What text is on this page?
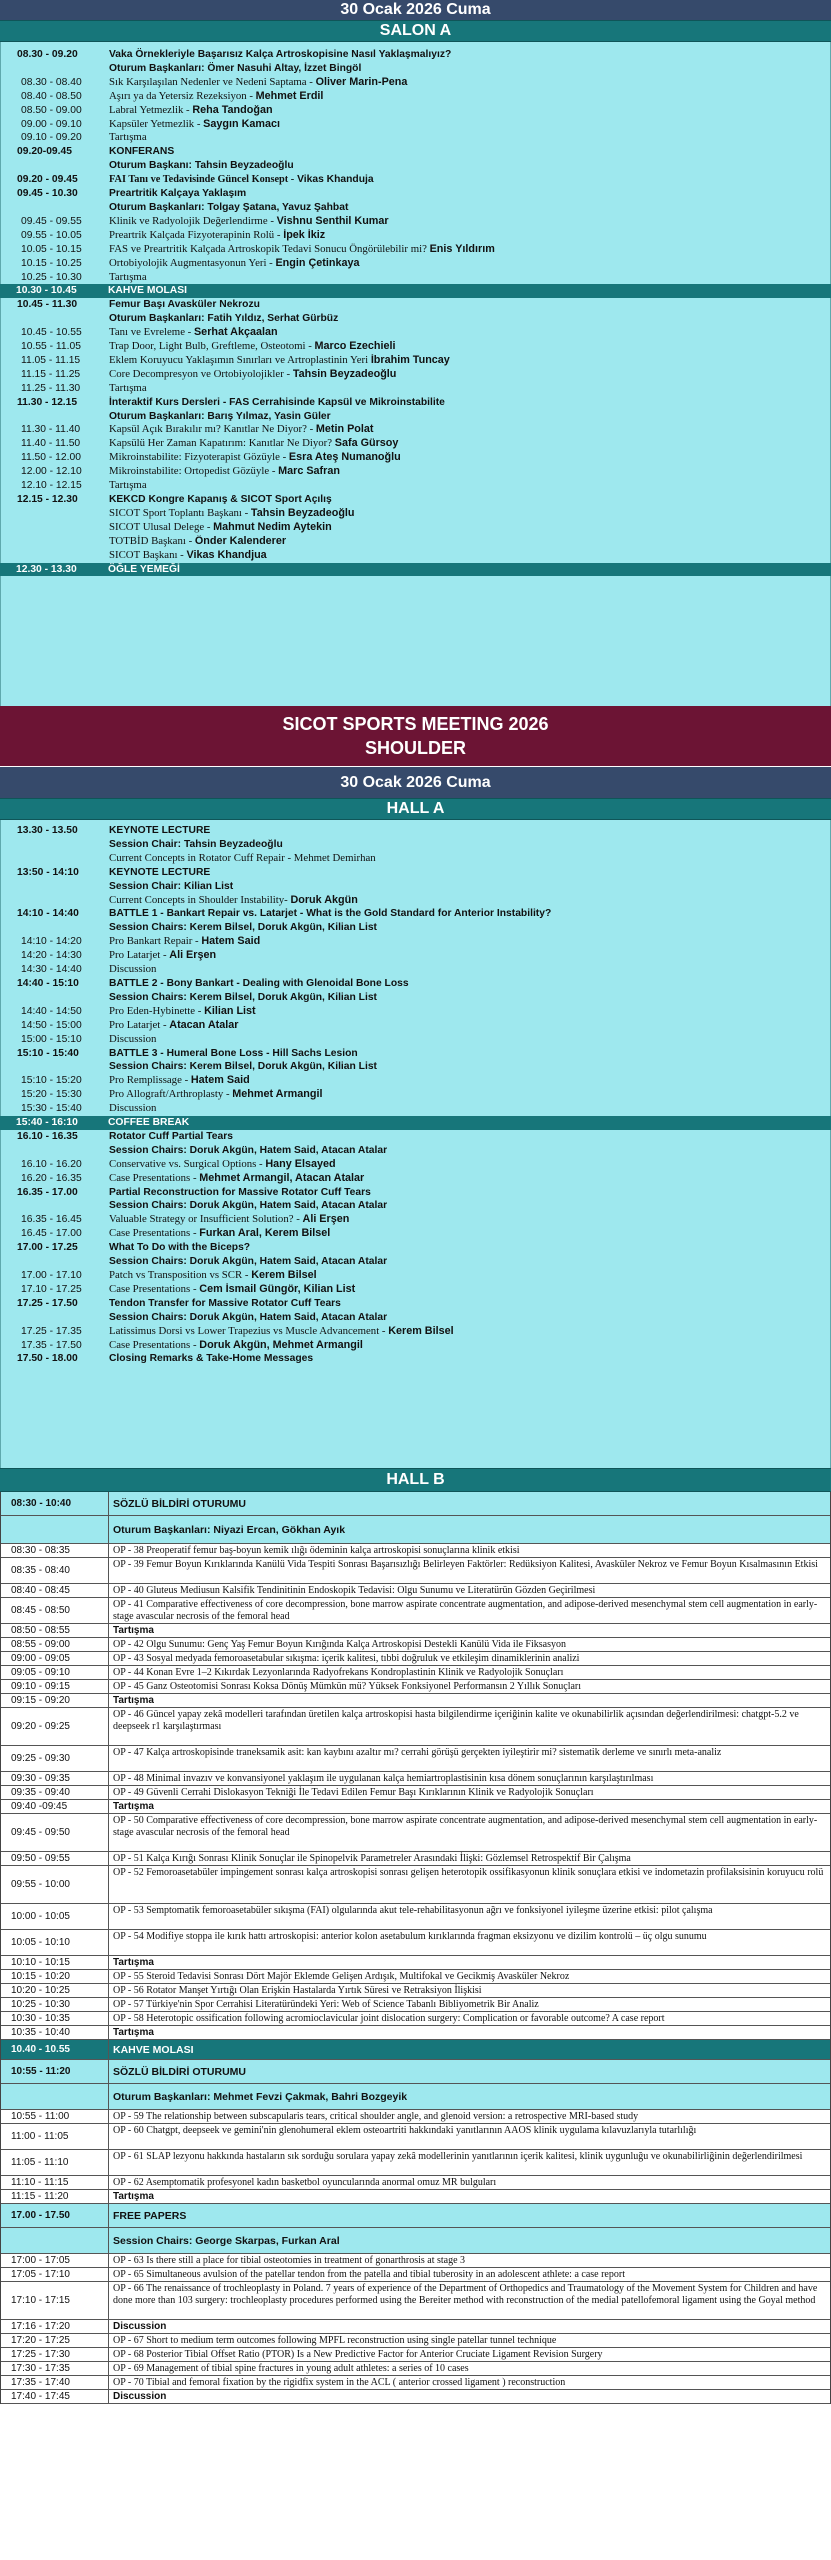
30 Ocak 2026 Cuma
SALON A
08.30 - 09.20	Vaka Örnekleriyle Başarısız Kalça Artroskopisine Nasıl Yaklaşmalıyız?
Oturum Başkanları: Ömer Nasuhi Altay, İzzet Bingöl
08.30 - 08.40	Sık Karşılaşılan Nedenler ve Nedeni Saptama - Oliver Marin-Pena
08.40 - 08.50	Aşırı ya da Yetersiz Rezeksiyon - Mehmet Erdil
08.50 - 09.00	Labral Yetmezlik - Reha Tandoğan
09.00 - 09.10	Kapsüler Yetmezlik - Saygın Kamacı
09.10 - 09.20	Tartışma
09.20-09.45	KONFERANS
Oturum Başkanı: Tahsin Beyzadeoğlu
09.20 - 09.45	FAI Tanı ve Tedavisinde Güncel Konsept - Vikas Khanduja
09.45 - 10.30	Preartritik Kalçaya Yaklaşım
Oturum Başkanları: Tolgay Şatana, Yavuz Şahbat
09.45 - 09.55	Klinik ve Radyolojik Değerlendirme - Vishnu Senthil Kumar
09.55 - 10.05	Preartrik Kalçada Fizyoterapinin Rolü - İpek İkiz
10.05 - 10.15	FAS ve Preartritik Kalçada Artroskopik Tedavi Sonucu Öngörülebilir mi? Enis Yıldırım
10.15 - 10.25	Ortobiyolojik Augmentasyonun Yeri - Engin Çetinkaya
10.25 - 10.30	Tartışma
10.30 - 10.45	KAHVE MOLASI
10.45 - 11.30	Femur Başı Avasküler Nekrozu
Oturum Başkanları: Fatih Yıldız, Serhat Gürbüz
10.45 - 10.55	Tanı ve Evreleme - Serhat Akçaalan
10.55 - 11.05	Trap Door, Light Bulb, Greftleme, Osteotomi - Marco Ezechieli
11.05 - 11.15	Eklem Koruyucu Yaklaşımın Sınırları ve Artroplastinin Yeri İbrahim Tuncay
11.15 - 11.25	Core Decompresyon ve Ortobiyolojikler - Tahsin Beyzadeoğlu
11.25 - 11.30	Tartışma
11.30 - 12.15	İnteraktif Kurs Dersleri - FAS Cerrahisinde Kapsül ve Mikroinstabilite
Oturum Başkanları: Barış Yılmaz, Yasin Güler
11.30 - 11.40	Kapsül Açık Bırakılır mı? Kanıtlar Ne Diyor? - Metin Polat
11.40 - 11.50	Kapsülü Her Zaman Kapatırım: Kanıtlar Ne Diyor? Safa Gürsoy
11.50 - 12.00	Mikroinstabilite: Fizyoterapist Gözüyle - Esra Ateş Numanoğlu
12.00 - 12.10	Mikroinstabilite: Ortopedist Gözüyle - Marc Safran
12.10 - 12.15	Tartışma
12.15 - 12.30	KEKCD Kongre Kapanış & SICOT Sport Açılış
SICOT Sport Toplantı Başkanı - Tahsin Beyzadeoğlu
SICOT Ulusal Delege - Mahmut Nedim Aytekin
TOTBİD Başkanı - Önder Kalenderer
SICOT Başkanı - Vikas Khandjua
12.30 - 13.30	ÖĞLE YEMEĞİ
SICOT SPORTS MEETING 2026
SHOULDER
30 Ocak 2026 Cuma
HALL A
13.30 - 13.50	KEYNOTE LECTURE
Session Chair: Tahsin Beyzadeoğlu
Current Concepts in Rotator Cuff Repair - Mehmet Demirhan
13:50 - 14:10	KEYNOTE LECTURE
Session Chair: Kilian List
Current Concepts in Shoulder Instability- Doruk Akgün
14:10 - 14:40	BATTLE 1 - Bankart Repair vs. Latarjet - What is the Gold Standard for Anterior Instability?
Session Chairs: Kerem Bilsel, Doruk Akgün, Kilian List
14:10 - 14:20	Pro Bankart Repair - Hatem Said
14:20 - 14:30	Pro Latarjet - Ali Erşen
14:30 - 14:40	Discussion
14:40 - 15:10	BATTLE 2 - Bony Bankart - Dealing with Glenoidal Bone Loss
Session Chairs: Kerem Bilsel, Doruk Akgün, Kilian List
14:40 - 14:50	Pro Eden-Hybinette - Kilian List
14:50 - 15:00	Pro Latarjet - Atacan Atalar
15:00 - 15:10	Discussion
15:10 - 15:40	BATTLE 3 - Humeral Bone Loss - Hill Sachs Lesion
Session Chairs: Kerem Bilsel, Doruk Akgün, Kilian List
15:10 - 15:20	Pro Remplissage - Hatem Said
15:20 - 15:30	Pro Allograft/Arthroplasty - Mehmet Armangil
15:30 - 15:40	Discussion
15:40 - 16:10	COFFEE BREAK
16.10 - 16.35	Rotator Cuff Partial Tears
Session Chairs: Doruk Akgün, Hatem Said, Atacan Atalar
16.10 - 16.20	Conservative vs. Surgical Options - Hany Elsayed
16.20 - 16.35	Case Presentations - Mehmet Armangil, Atacan Atalar
16.35 - 17.00	Partial Reconstruction for Massive Rotator Cuff Tears
Session Chairs: Doruk Akgün, Hatem Said, Atacan Atalar
16.35 - 16.45	Valuable Strategy or Insufficient Solution? - Ali Erşen
16.45 - 17.00	Case Presentations - Furkan Aral, Kerem Bilsel
17.00 - 17.25	What To Do with the Biceps?
Session Chairs: Doruk Akgün, Hatem Said, Atacan Atalar
17.00 - 17.10	Patch vs Transposition vs SCR - Kerem Bilsel
17.10 - 17.25	Case Presentations - Cem İsmail Güngör, Kilian List
17.25 - 17.50	Tendon Transfer for Massive Rotator Cuff Tears
Session Chairs: Doruk Akgün, Hatem Said, Atacan Atalar
17.25 - 17.35	Latissimus Dorsi vs Lower Trapezius vs Muscle Advancement - Kerem Bilsel
17.35 - 17.50	Case Presentations - Doruk Akgün, Mehmet Armangil
17.50 - 18.00	Closing Remarks & Take-Home Messages
HALL B
08:30 - 10:40	SÖZLÜ BİLDİRİ OTURUMU
Oturum Başkanları: Niyazi Ercan, Gökhan Ayık
08:30 - 08:35	OP - 38 Preoperatif femur baş-boyun kemik ılığı ödeminin kalça artroskopisi sonuçlarına klinik etkisi
08:35 - 08:40
OP - 39 Femur Boyun Kırıklarında Kanülü Vida Tespiti Sonrası Başarısızlığı Belirleyen Faktörler: Redüksiyon Kalitesi, Avasküler Nekroz ve Femur Boyun Kısalmasının Etkisi
08:40 - 08:45	OP - 40 Gluteus Mediusun Kalsifik Tendinitinin Endoskopik Tedavisi: Olgu Sunumu ve Literatürün Gözden Geçirilmesi
08:45 - 08:50
OP - 41 Comparative effectiveness of core decompression, bone marrow aspirate concentrate augmentation, and adipose-derived mesenchymal stem cell augmentation in early-stage avascular necrosis of the femoral head
08:50 - 08:55	Tartışma
08:55 - 09:00	OP - 42 Olgu Sunumu: Genç Yaş Femur Boyun Kırığında Kalça Artroskopisi Destekli Kanülü Vida ile Fiksasyon
09:00 - 09:05	OP - 43 Sosyal medyada femoroasetabular sıkışma: içerik kalitesi, tıbbi doğruluk ve etkileşim dinamiklerinin analizi
09:05 - 09:10	OP - 44 Konan Evre 1–2 Kıkırdak Lezyonlarında Radyofrekans Kondroplastinin Klinik ve Radyolojik Sonuçları
09:10 - 09:15	OP - 45 Ganz Osteotomisi Sonrası Koksa Dönüş Mümkün mü? Yüksek Fonksiyonel Performansın 2 Yıllık Sonuçları
09:15 - 09:20	Tartışma
09:20 - 09:25
OP - 46 Güncel yapay zekâ modelleri tarafından üretilen kalça artroskopisi hasta bilgilendirme içeriğinin kalite ve okunabilirlik açısından değerlendirilmesi: chatgpt-5.2 ve deepseek r1 karşılaştırması
09:25 - 09:30
OP - 47 Kalça artroskopisinde traneksamik asit: kan kaybını azaltır mı? cerrahi görüşü gerçekten iyileştirir mi? sistematik derleme ve sınırlı meta-analiz
09:30 - 09:35	OP - 48 Minimal invazıv ve konvansiyonel yaklaşım ile uygulanan kalça hemiartroplastisinin kısa dönem sonuçlarının karşılaştırılması
09:35 - 09:40	OP - 49 Güvenli Cerrahi Dislokasyon Tekniği İle Tedavi Edilen Femur Başı Kırıklarının Klinik ve Radyolojik Sonuçları
09:40 -09:45	Tartışma
09:45 - 09:50
OP - 50 Comparative effectiveness of core decompression, bone marrow aspirate concentrate augmentation, and adipose-derived mesenchymal stem cell augmentation in early-stage avascular necrosis of the femoral head
09:50 - 09:55	OP - 51 Kalça Kırığı Sonrası Klinik Sonuçlar ile Spinopelvik Parametreler Arasındaki İlişki: Gözlemsel Retrospektif Bir Çalışma
09:55 - 10:00
OP - 52 Femoroasetabüler impingement sonrası kalça artroskopisi sonrası gelişen heterotopik ossifikasyonun klinik sonuçlara etkisi ve indometazin profilaksisinin koruyucu rolü
10:00 - 10:05
OP - 53 Semptomatik femoroasetabüler sıkışma (FAI) olgularında akut tele-rehabilitasyonun ağrı ve fonksiyonel iyileşme üzerine etkisi: pilot çalışma
10:05 - 10:10
OP - 54 Modifiye stoppa ile kırık hattı artroskopisi: anterior kolon asetabulum kırıklarında fragman eksizyonu ve dizilim kontrolü – üç olgu sunumu
10:10 - 10:15	Tartışma
10:15 - 10:20	OP - 55 Steroid Tedavisi Sonrası Dört Majör Eklemde Gelişen Ardışık, Multifokal ve Gecikmiş Avasküler Nekroz
10:20 - 10:25	OP - 56 Rotator Manşet Yırtığı Olan Erişkin Hastalarda Yırtık Süresi ve Retraksiyon İlişkisi
10:25 - 10:30	OP - 57 Türkiye'nin Spor Cerrahisi Literatüründeki Yeri: Web of Science Tabanlı Bibliyometrik Bir Analiz
10:30 - 10:35	OP - 58 Heterotopic ossification following acromioclavicular joint dislocation surgery: Complication or favorable outcome? A case report
10:35 - 10:40	Tartışma
10.40 - 10.55	KAHVE MOLASI
10:55 - 11:20	SÖZLÜ BİLDİRİ OTURUMU
Oturum Başkanları: Mehmet Fevzi Çakmak, Bahri Bozgeyik
10:55 - 11:00	OP - 59 The relationship between subscapularis tears, critical shoulder angle, and glenoid version: a retrospective MRI-based study
11:00 - 11:05
OP - 60 Chatgpt, deepseek ve gemini'nin glenohumeral eklem osteoartriti hakkındaki yanıtlarının AAOS klinik uygulama kılavuzlarıyla tutarlılığı
11:05 - 11:10
OP - 61 SLAP lezyonu hakkında hastaların sık sorduğu sorulara yapay zekâ modellerinin yanıtlarının içerik kalitesi, klinik uygunluğu ve okunabilirliğinin değerlendirilmesi
11:10 - 11:15	OP - 62 Asemptomatik profesyonel kadın basketbol oyuncularında anormal omuz MR bulguları
11:15 - 11:20	Tartışma
17.00 - 17.50	FREE PAPERS
Session Chairs: George Skarpas, Furkan Aral
17:00 - 17:05	OP - 63 Is there still a place for tibial osteotomies in treatment of gonarthrosis at stage 3
17:05 - 17:10	OP - 65 Simultaneous avulsion of the patellar tendon from the patella and tibial tuberosity in an adolescent athlete: a case report
17:10 - 17:15
OP - 66 The renaissance of trochleoplasty in Poland. 7 years of experience of the Department of Orthopedics and Traumatology of the Movement System for Children and have done more than 103 surgery: trochleoplasty procedures performed using the Bereiter method with reconstruction of the medial patellofemoral ligament using the Goyal method
17:16 - 17:20	Discussion
17:20 - 17:25	OP - 67 Short to medium term outcomes following MPFL reconstruction using single patellar tunnel technique
17:25 - 17:30	OP - 68 Posterior Tibial Offset Ratio (PTOR) Is a New Predictive Factor for Anterior Cruciate Ligament Revision Surgery
17:30 - 17:35	OP - 69 Management of tibial spine fractures in young adult athletes: a series of 10 cases
17:35 - 17:40	OP - 70 Tibial and femoral fixation by the rigidfix system in the ACL ( anterior crossed ligament ) reconstruction
17:40 - 17:45	Discussion
